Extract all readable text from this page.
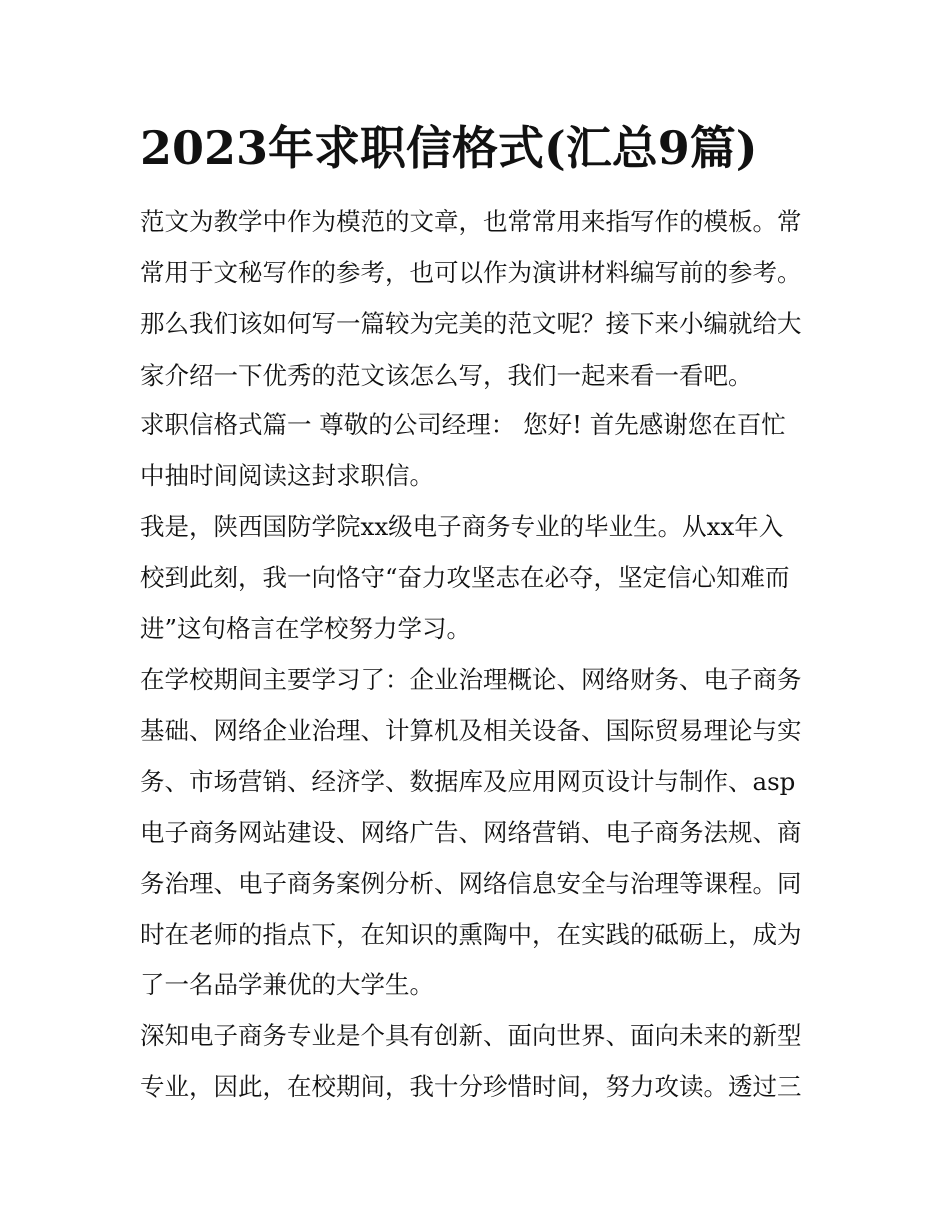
2023年求职信格式(汇总9篇)

范文为教学中作为模范的文章，也常常用来指写作的模板。常

常用于文秘写作的参考，也可以作为演讲材料编写前的参考。

那么我们该如何写一篇较为完美的范文呢？接下来小编就给大

家介绍一下优秀的范文该怎么写，我们一起来看一看吧。

求职信格式篇一 尊敬的公司经理： 您好! 首先感谢您在百忙

中抽时间阅读这封求职信。

我是，陕西国防学院xx级电子商务专业的毕业生。从xx年入

校到此刻，我一向恪守“奋力攻坚志在必夺，坚定信心知难而

进”这句格言在学校努力学习。

在学校期间主要学习了：企业治理概论、网络财务、电子商务

基础、网络企业治理、计算机及相关设备、国际贸易理论与实

务、市场营销、经济学、数据库及应用网页设计与制作、asp

电子商务网站建设、网络广告、网络营销、电子商务法规、商

务治理、电子商务案例分析、网络信息安全与治理等课程。同

时在老师的指点下，在知识的熏陶中，在实践的砥砺上，成为

了一名品学兼优的大学生。

深知电子商务专业是个具有创新、面向世界、面向未来的新型

专业，因此，在校期间，我十分珍惜时间，努力攻读。透过三
